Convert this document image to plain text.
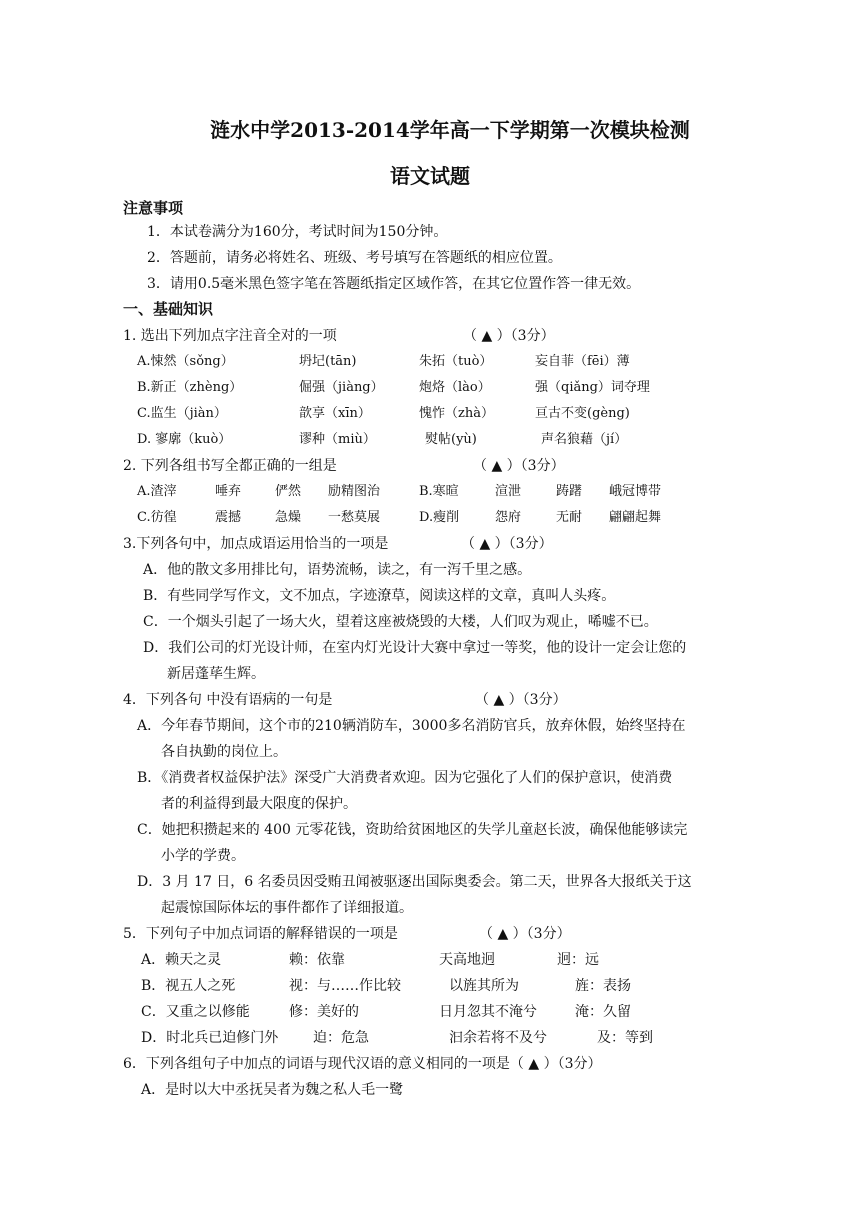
涟水中学2013-2014学年高一下学期第一次模块检测
语文试题
注意事项
1．本试卷满分为160分，考试时间为150分钟。
2．答题前，请务必将姓名、班级、考号填写在答题纸的相应位置。
3．请用0.5毫米黑色签字笔在答题纸指定区域作答，在其它位置作答一律无效。
一、基础知识
1. 选出下列加点字注音全对的一项	（ ▲ ）（3分）
A.悚然（sǒng）	坍圮(tān)	朱拓（tuò）	妄自菲（fēi）薄
B.新正（zhèng）	倔强（jiàng）	炮烙（lào）	强（qiǎng）词夺理
C.监生（jiàn）	歆享（xīn）	愧怍（zhà）	亘古不变(gèng)
D. 寥廓（kuò）	谬种（miù）	熨帖(yù)	声名狼藉（jí）
2. 下列各组书写全都正确的一组是	（ ▲ ）（3分）
A.渣滓	唾弃	俨然 励精图治	B.寒暄	渲泄	踌躇 峨冠博带
C.彷徨	震撼	急燥 一愁莫展	D.瘦削	怨府	无耐 翩翩起舞
3.下列各句中，加点成语运用恰当的一项是	（ ▲ ）（3分）
A．他的散文多用排比句，语势流畅，读之，有一泻千里之感。
B．有些同学写作文，文不加点，字迹潦草，阅读这样的文章，真叫人头疼。
C．一个烟头引起了一场大火，望着这座被烧毁的大楼，人们叹为观止，唏嘘不已。
D．我们公司的灯光设计师，在室内灯光设计大赛中拿过一等奖，他的设计一定会让您的
新居蓬荜生辉。
4．下列各句 中没有语病的一句是	（ ▲ ）（3分）
A．今年春节期间，这个市的210辆消防车，3000多名消防官兵，放弃休假，始终坚持在
各自执勤的岗位上。
B．《消费者权益保护法》深受广大消费者欢迎。因为它强化了人们的保护意识，使消费
者的利益得到最大限度的保护。
C．她把积攒起来的 400 元零花钱，资助给贫困地区的失学儿童赵长波，确保他能够读完
小学的学费。
D．3 月 17 日，6 名委员因受贿丑闻被驱逐出国际奥委会。第二天，世界各大报纸关于这
起震惊国际体坛的事件都作了详细报道。
5．下列句子中加点词语的解释错误的一项是	（ ▲ ）（3分）
A．赖天之灵	赖：依靠	天高地迥	迥：远
B．视五人之死	视：与……作比较	以旌其所为	旌：表扬
C．又重之以修能	修：美好的	日月忽其不淹兮	淹：久留
D．时北兵已迫修门外 迫：危急	汩余若将不及兮	及：等到
6．下列各组句子中加点的词语与现代汉语的意义相同的一项是（ ▲ ）（3分）
A．是时以大中丞抚吴者为魏之私人毛一鹭
